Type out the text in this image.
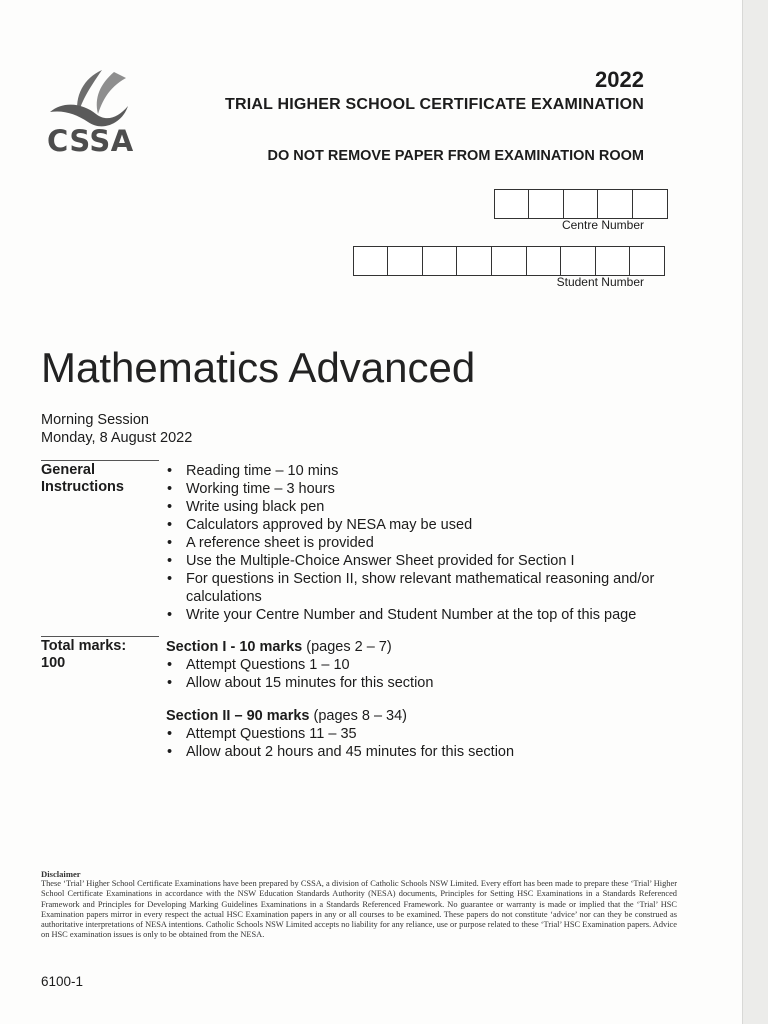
CSSA
2022
TRIAL HIGHER SCHOOL CERTIFICATE EXAMINATION
DO NOT REMOVE PAPER FROM EXAMINATION ROOM
Centre Number
Student Number
Mathematics Advanced
Morning Session
Monday, 8 August 2022
General
Instructions
• Reading time – 10 mins
• Working time – 3 hours
• Write using black pen
• Calculators approved by NESA may be used
• A reference sheet is provided
• Use the Multiple-Choice Answer Sheet provided for Section I
• For questions in Section II, show relevant mathematical reasoning and/or calculations
• Write your Centre Number and Student Number at the top of this page
Total marks:
100
Section I - 10 marks (pages 2 – 7)
• Attempt Questions 1 – 10
• Allow about 15 minutes for this section
Section II – 90 marks (pages 8 – 34)
• Attempt Questions 11 – 35
• Allow about 2 hours and 45 minutes for this section
Disclaimer
These ‘Trial’ Higher School Certificate Examinations have been prepared by CSSA, a division of Catholic Schools NSW Limited. Every effort has been made to prepare these ‘Trial’ Higher School Certificate Examinations in accordance with the NSW Education Standards Authority (NESA) documents, Principles for Setting HSC Examinations in a Standards Referenced Framework and Principles for Developing Marking Guidelines Examinations in a Standards Referenced Framework. No guarantee or warranty is made or implied that the ‘Trial’ HSC Examination papers mirror in every respect the actual HSC Examination papers in any or all courses to be examined. These papers do not constitute ‘advice’ nor can they be construed as authoritative interpretations of NESA intentions. Catholic Schools NSW Limited accepts no liability for any reliance, use or purpose related to these ‘Trial’ HSC Examination papers. Advice on HSC examination issues is only to be obtained from the NESA.
6100-1
